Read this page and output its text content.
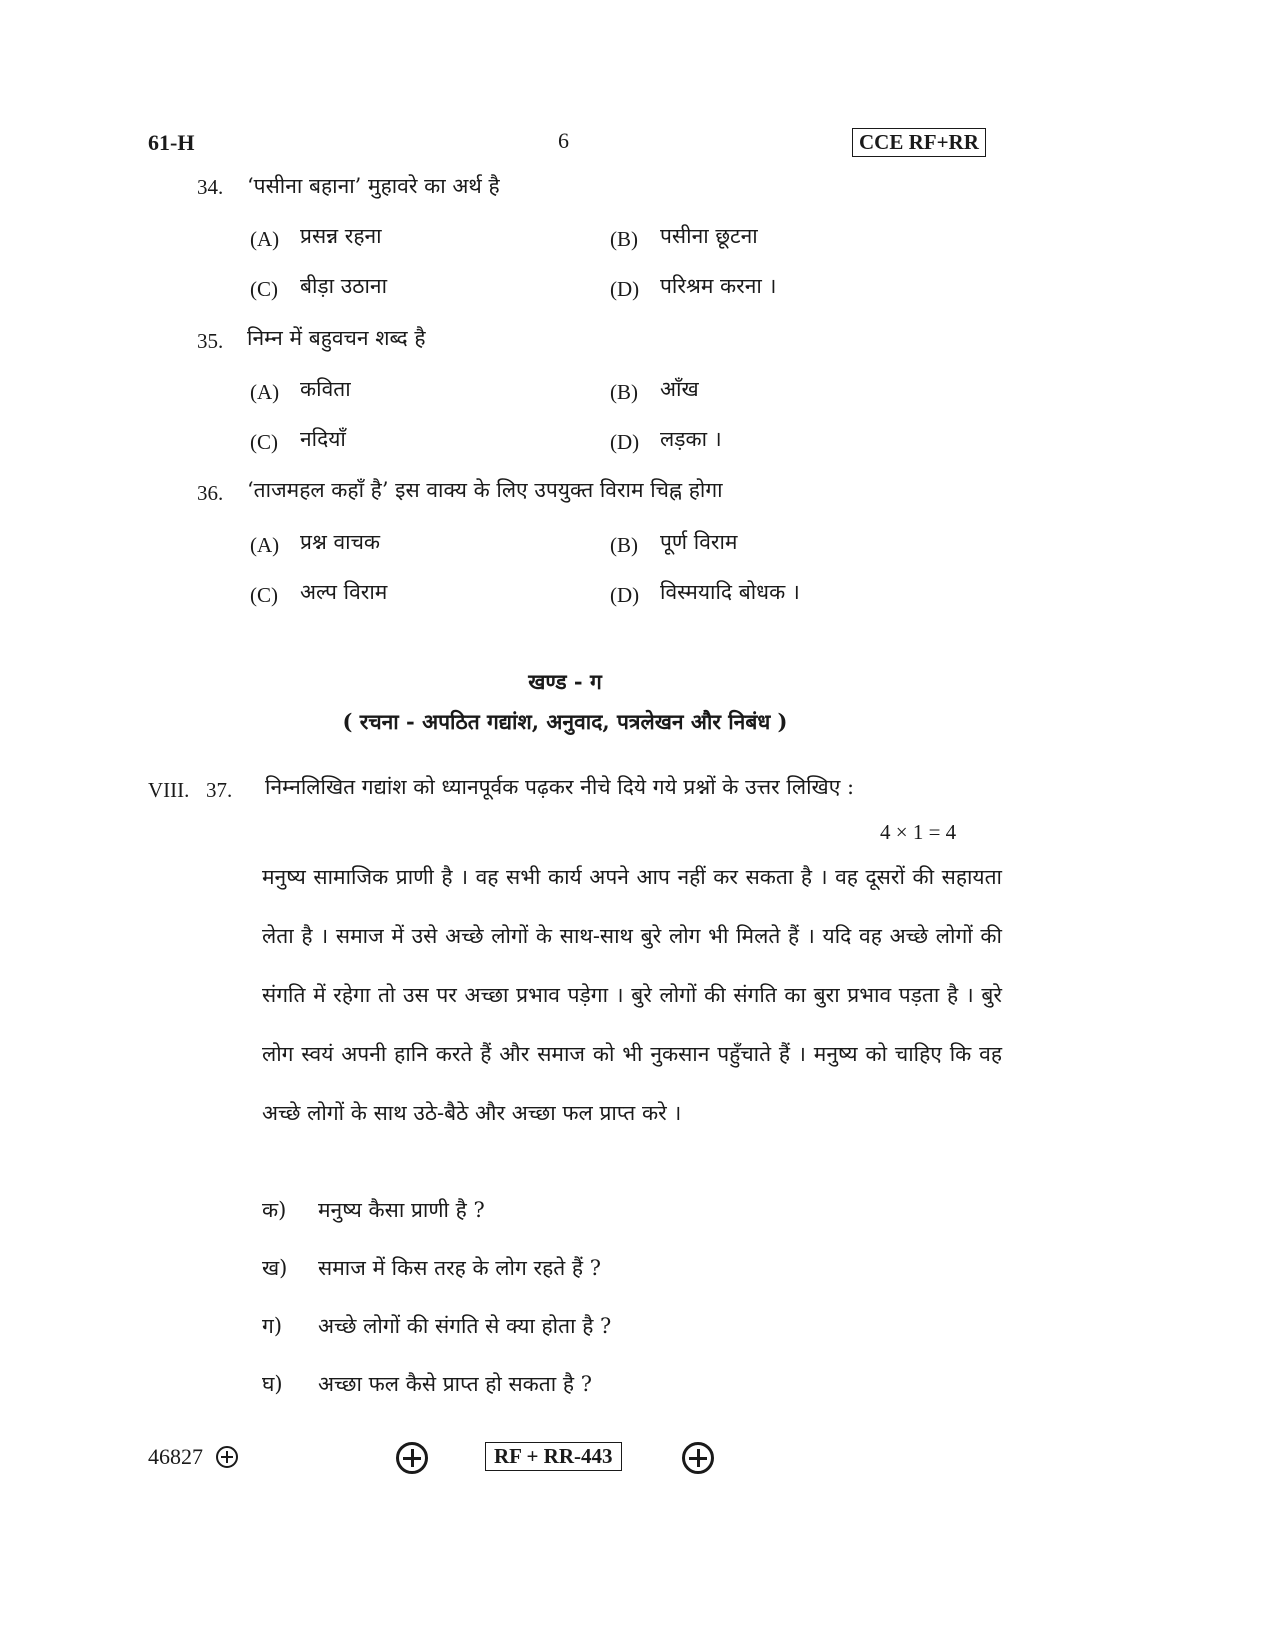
61-H	6	CCE RF+RR
34. ‘पसीना बहाना’ मुहावरे का अर्थ है
(A) प्रसन्न रहना	(B) पसीना छूटना
(C) बीड़ा उठाना	(D) परिश्रम करना ।
35. निम्न में बहुवचन शब्द है
(A) कविता	(B) आँख
(C) नदियाँ	(D) लड़का ।
36. ‘ताजमहल कहाँ है’ इस वाक्य के लिए उपयुक्त विराम चिह्न होगा
(A) प्रश्न वाचक	(B) पूर्ण विराम
(C) अल्प विराम	(D) विस्मयादि बोधक ।
खण्ड - ग
( रचना - अपठित गद्यांश, अनुवाद, पत्रलेखन और निबंध )
VIII. 37. निम्नलिखित गद्यांश को ध्यानपूर्वक पढ़कर नीचे दिये गये प्रश्नों के उत्तर लिखिए :
4 × 1 = 4
मनुष्य सामाजिक प्राणी है । वह सभी कार्य अपने आप नहीं कर सकता है । वह दूसरों की सहायता लेता है । समाज में उसे अच्छे लोगों के साथ-साथ बुरे लोग भी मिलते हैं । यदि वह अच्छे लोगों की संगति में रहेगा तो उस पर अच्छा प्रभाव पड़ेगा । बुरे लोगों की संगति का बुरा प्रभाव पड़ता है । बुरे लोग स्वयं अपनी हानि करते हैं और समाज को भी नुकसान पहुँचाते हैं । मनुष्य को चाहिए कि वह अच्छे लोगों के साथ उठे-बैठे और अच्छा फल प्राप्त करे ।
क) मनुष्य कैसा प्राणी है ?
ख) समाज में किस तरह के लोग रहते हैं ?
ग) अच्छे लोगों की संगति से क्या होता है ?
घ) अच्छा फल कैसे प्राप्त हो सकता है ?
46827	RF + RR-443
